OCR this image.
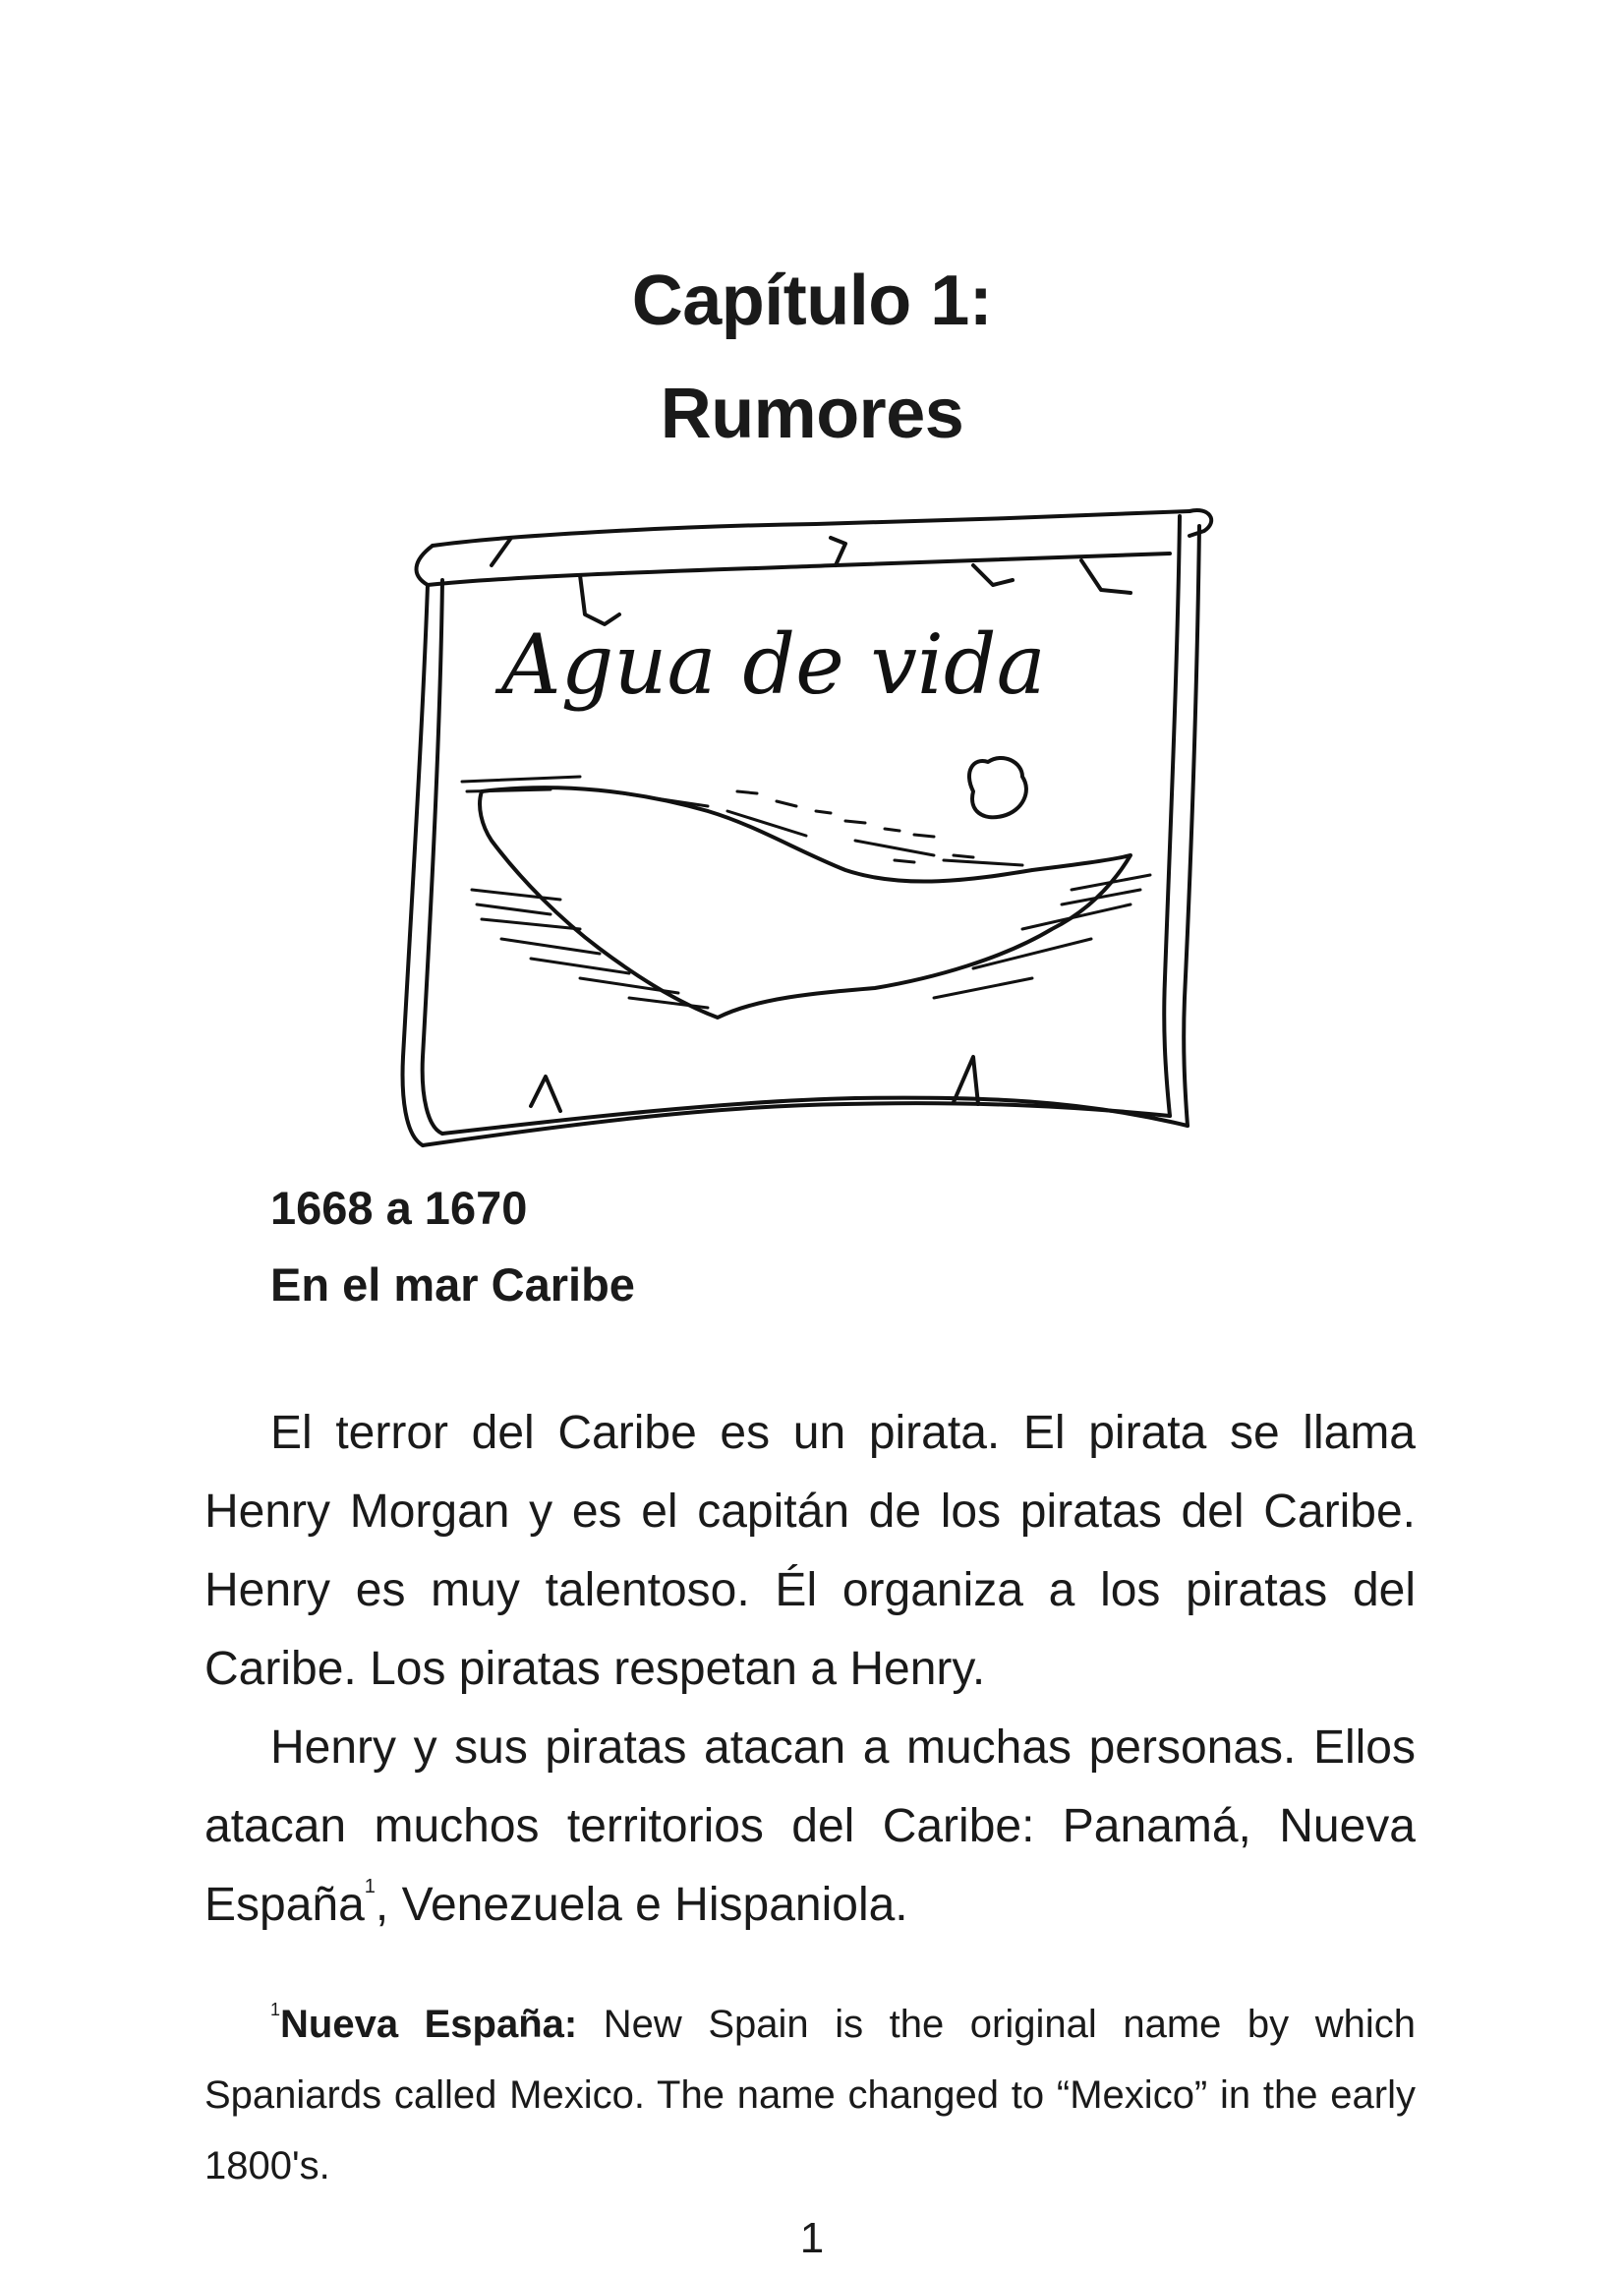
Capítulo 1:
Rumores
Agua de vida
1668 a 1670
En el mar Caribe

El terror del Caribe es un pirata. El pirata se llama Henry Morgan y es el capitán de los piratas del Caribe. Henry es muy talentoso. Él organiza a los piratas del Caribe. Los piratas respetan a Henry.

Henry y sus piratas atacan a muchas personas. Ellos atacan muchos territorios del Caribe: Panamá, Nueva España$^1$, Venezuela e Hispaniola.

$^1$Nueva España: New Spain is the original name by which Spaniards called Mexico. The name changed to “Mexico” in the early 1800's.
1
